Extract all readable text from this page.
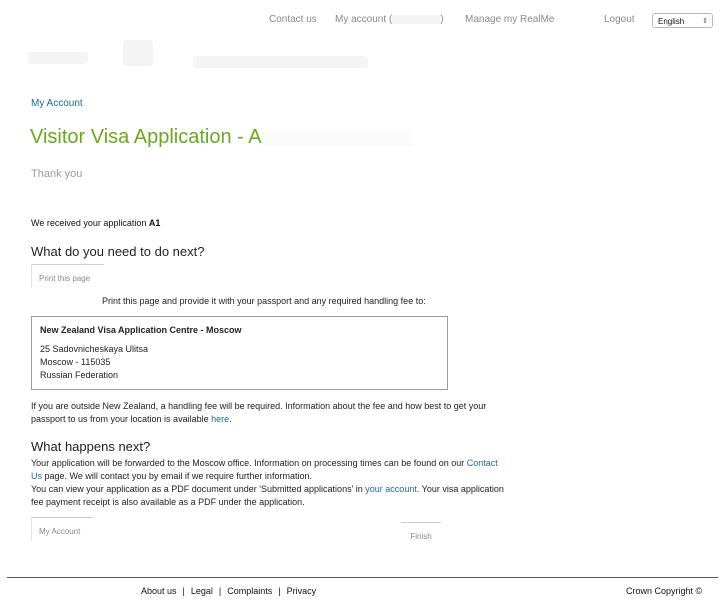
Contact us My account (	) Manage my RealMe	Logout	English	⇕
My Account
Visitor Visa Application - A
Thank you
We received your application A1
What do you need to do next?
Print this page
Print this page and provide it with your passport and any required handling fee to:
New Zealand Visa Application Centre - Moscow
25 Sadovnicheskaya Ulitsa
Moscow - 115035
Russian Federation
If you are outside New Zealand, a handling fee will be required. Information about the fee and how best to get your passport to us from your location is available here.
What happens next?
Your application will be forwarded to the Moscow office. Information on processing times can be found on our Contact Us page. We will contact you by email if we require further information.
You can view your application as a PDF document under 'Submitted applications' in your account. Your visa application fee payment receipt is also available as a PDF under the application.
My Account
Finish
About us | Legal | Complaints | Privacy	Crown Copyright ©
